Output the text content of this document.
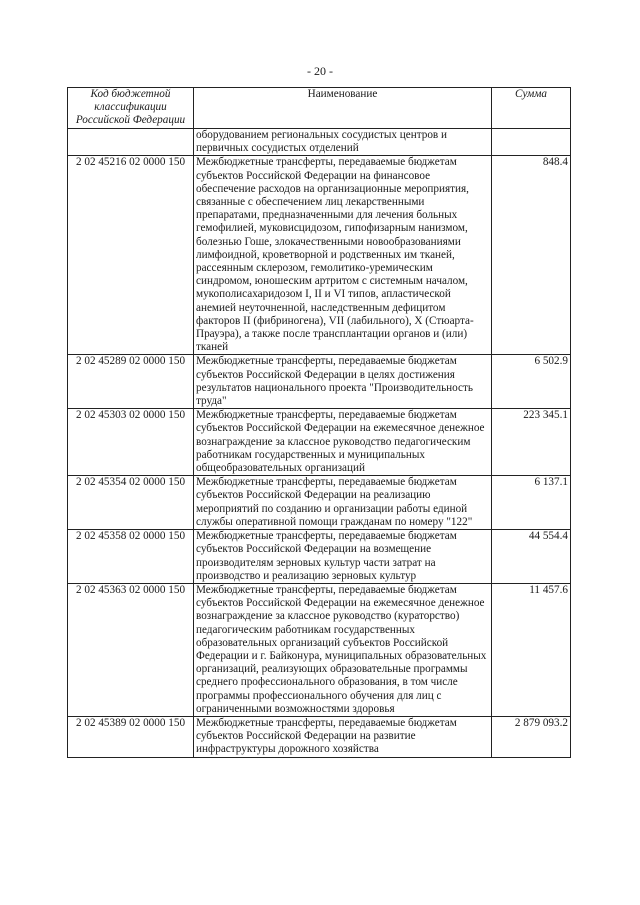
- 20 -
Код бюджетной классификации Российской Федерации	Наименование	Сумма
	оборудованием региональных сосудистых центров и первичных сосудистых отделений	
2 02 45216 02 0000 150	Межбюджетные трансферты, передаваемые бюджетам субъектов Российской Федерации на финансовое обеспечение расходов на организационные мероприятия, связанные с обеспечением лиц лекарственными препаратами, предназначенными для лечения больных гемофилией, муковисцидозом, гипофизарным нанизмом, болезнью Гоше, злокачественными новообразованиями лимфоидной, кроветворной и родственных им тканей, рассеянным склерозом, гемолитико-уремическим синдромом, юношеским артритом с системным началом, мукополисахаридозом I, II и VI типов, апластической анемией неуточненной, наследственным дефицитом факторов II (фибриногена), VII (лабильного), X (Стюарта-Прауэра), а также после трансплантации органов и (или) тканей	848.4
2 02 45289 02 0000 150	Межбюджетные трансферты, передаваемые бюджетам субъектов Российской Федерации в целях достижения результатов национального проекта "Производительность труда"	6 502.9
2 02 45303 02 0000 150	Межбюджетные трансферты, передаваемые бюджетам субъектов Российской Федерации на ежемесячное денежное вознаграждение за классное руководство педагогическим работникам государственных и муниципальных общеобразовательных организаций	223 345.1
2 02 45354 02 0000 150	Межбюджетные трансферты, передаваемые бюджетам субъектов Российской Федерации на реализацию мероприятий по созданию и организации работы единой службы оперативной помощи гражданам по номеру "122"	6 137.1
2 02 45358 02 0000 150	Межбюджетные трансферты, передаваемые бюджетам субъектов Российской Федерации на возмещение производителям зерновых культур части затрат на производство и реализацию зерновых культур	44 554.4
2 02 45363 02 0000 150	Межбюджетные трансферты, передаваемые бюджетам субъектов Российской Федерации на ежемесячное денежное вознаграждение за классное руководство (кураторство) педагогическим работникам государственных образовательных организаций субъектов Российской Федерации и г. Байконура, муниципальных образовательных организаций, реализующих образовательные программы среднего профессионального образования, в том числе программы профессионального обучения для лиц с ограниченными возможностями здоровья	11 457.6
2 02 45389 02 0000 150	Межбюджетные трансферты, передаваемые бюджетам субъектов Российской Федерации на развитие инфраструктуры дорожного хозяйства	2 879 093.2
